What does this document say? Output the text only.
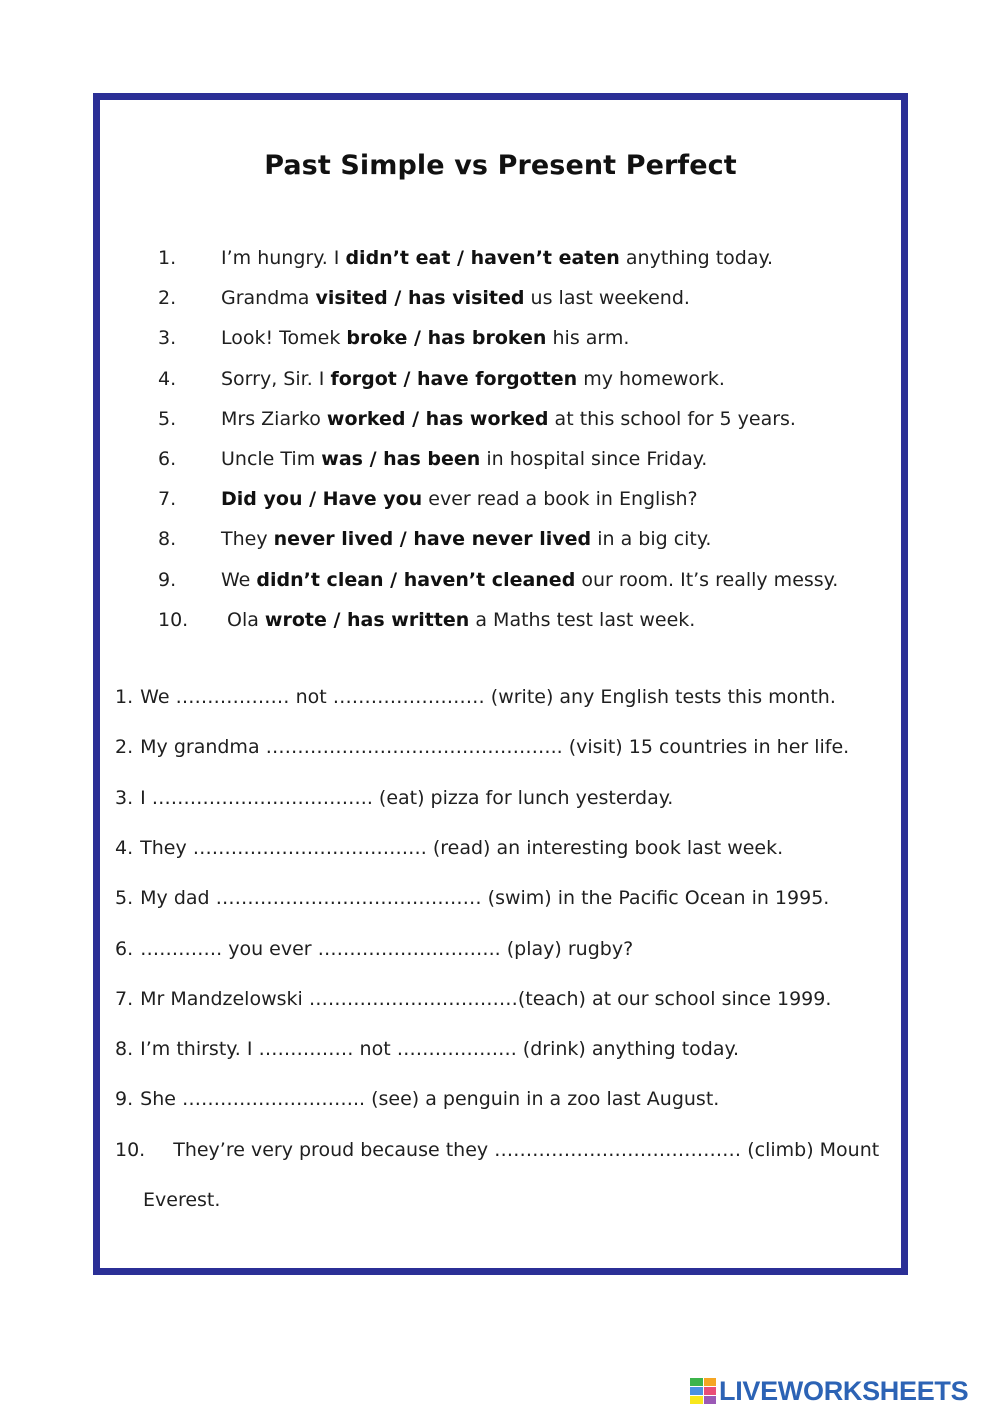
Past Simple vs Present Perfect
1. I’m hungry. I didn’t eat / haven’t eaten anything today.
2. Grandma visited / has visited us last weekend.
3. Look! Tomek broke / has broken his arm.
4. Sorry, Sir. I forgot / have forgotten my homework.
5. Mrs Ziarko worked / has worked at this school for 5 years.
6. Uncle Tim was / has been in hospital since Friday.
7. Did you / Have you ever read a book in English?
8. They never lived / have never lived in a big city.
9. We didn’t clean / haven’t cleaned our room. It’s really messy.
10. Ola wrote / has written a Maths test last week.
1. We ……………… not …………………… (write) any English tests this month.
2. My grandma ……………………………………….. (visit) 15 countries in her life.
3. I …………………………….. (eat) pizza for lunch yesterday.
4. They ………………………………. (read) an interesting book last week.
5. My dad …………………………………… (swim) in the Pacific Ocean in 1995.
6. …………. you ever ……………………….. (play) rugby?
7. Mr Mandzelowski ……………………………(teach) at our school since 1999.
8. I’m thirsty. I …………… not ………………. (drink) anything today.
9. She ……………………….. (see) a penguin in a zoo last August.
10. They’re very proud because they ………………………………… (climb) Mount
Everest.
LIVEWORKSHEETS
